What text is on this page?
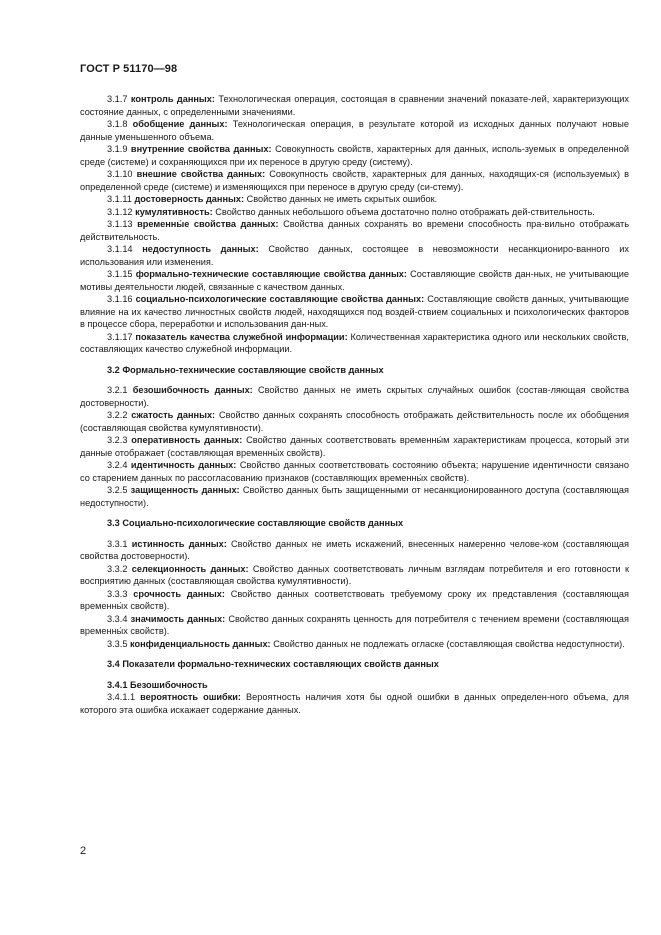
ГОСТ Р 51170—98

3.1.7 контроль данных: Технологическая операция, состоящая в сравнении значений показате-лей, характеризующих состояние данных, с определенными значениями.

3.1.8 обобщение данных: Технологическая операция, в результате которой из исходных данных получают новые данные уменьшенного объема.

3.1.9 внутренние свойства данных: Совокупность свойств, характерных для данных, исполь-зуемых в определенной среде (системе) и сохраняющихся при их переносе в другую среду (систему).

3.1.10 внешние свойства данных: Совокупность свойств, характерных для данных, находящих-ся (используемых) в определенной среде (системе) и изменяющихся при переносе в другую среду (си-стему).

3.1.11 достоверность данных: Свойство данных не иметь скрытых ошибок.

3.1.12 кумулятивность: Свойство данных небольшого объема достаточно полно отображать дей-ствительность.

3.1.13 временны́е свойства данных: Свойства данных сохранять во времени способность пра-вильно отображать действительность.

3.1.14 недоступность данных: Свойство данных, состоящее в невозможности несанкциониро-ванного их использования или изменения.

3.1.15 формально-технические составляющие свойства данных: Составляющие свойств дан-ных, не учитывающие мотивы деятельности людей, связанные с качеством данных.

3.1.16 социально-психологические составляющие свойства данных: Составляющие свойств данных, учитывающие влияние на их качество личностных свойств людей, находящихся под воздей-ствием социальных и психологических факторов в процессе сбора, переработки и использования дан-ных.

3.1.17 показатель качества служебной информации: Количественная характеристика одного или нескольких свойств, составляющих качество служебной информации.

3.2 Формально-технические составляющие свойств данных

3.2.1 безошибочность данных: Свойство данных не иметь скрытых случайных ошибок (состав-ляющая свойства достоверности).

3.2.2 сжатость данных: Свойство данных сохранять способность отображать действительность после их обобщения (составляющая свойства кумулятивности).

3.2.3 оперативность данных: Свойство данных соответствовать временны́м характеристикам процесса, который эти данные отображает (составляющая временны́х свойств).

3.2.4 идентичность данных: Свойство данных соответствовать состоянию объекта; нарушение идентичности связано со старением данных по рассогласованию признаков (составляющих временны́х свойств).

3.2.5 защищенность данных: Свойство данных быть защищенными от несанкционированного доступа (составляющая недоступности).

3.3 Социально-психологические составляющие свойств данных

3.3.1 истинность данных: Свойство данных не иметь искажений, внесенных намеренно челове-ком (составляющая свойства достоверности).

3.3.2 селекционность данных: Свойство данных соответствовать личным взглядам потребителя и его готовности к восприятию данных (составляющая свойства кумулятивности).

3.3.3 срочность данных: Свойство данных соответствовать требуемому сроку их представления (составляющая временны́х свойств).

3.3.4 значимость данных: Свойство данных сохранять ценность для потребителя с течением времени (составляющая временны́х свойств).

3.3.5 конфиденциальность данных: Свойство данных не подлежать огласке (составляющая свойства недоступности).

3.4 Показатели формально-технических составляющих свойств данных

3.4.1 Безошибочность

3.4.1.1 вероятность ошибки: Вероятность наличия хотя бы одной ошибки в данных определен-ного объема, для которого эта ошибка искажает содержание данных.

2
